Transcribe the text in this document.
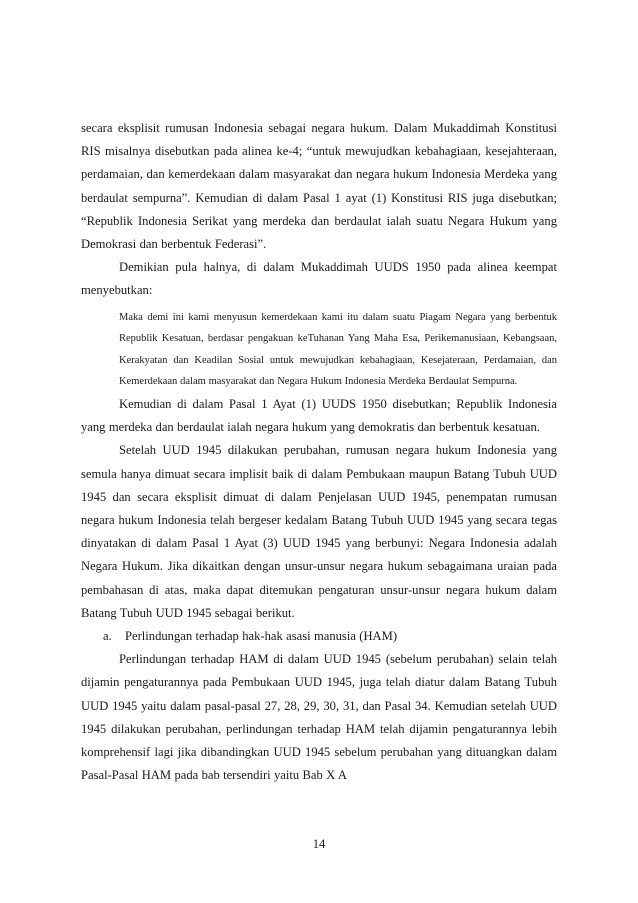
secara eksplisit rumusan Indonesia sebagai negara hukum. Dalam Mukaddimah Konstitusi RIS misalnya disebutkan pada alinea ke-4; “untuk mewujudkan kebahagiaan, kesejahteraan, perdamaian, dan kemerdekaan dalam masyarakat dan negara hukum Indonesia Merdeka yang berdaulat sempurna”. Kemudian di dalam Pasal 1 ayat (1) Konstitusi RIS juga disebutkan; “Republik Indonesia Serikat yang merdeka dan berdaulat ialah suatu Negara Hukum yang Demokrasi dan berbentuk Federasi”.

Demikian pula halnya, di dalam Mukaddimah UUDS 1950 pada alinea keempat menyebutkan:

Maka demi ini kami menyusun kemerdekaan kami itu dalam suatu Piagam Negara yang berbentuk Republik Kesatuan, berdasar pengakuan keTuhanan Yang Maha Esa, Perikemanusiaan, Kebangsaan, Kerakyatan dan Keadilan Sosial untuk mewujudkan kebahagiaan, Kesejateraan, Perdamaian, dan Kemerdekaan dalam masyarakat dan Negara Hukum Indonesia Merdeka Berdaulat Sempurna.

Kemudian di dalam Pasal 1 Ayat (1) UUDS 1950 disebutkan; Republik Indonesia yang merdeka dan berdaulat ialah negara hukum yang demokratis dan berbentuk kesatuan.

Setelah UUD 1945 dilakukan perubahan, rumusan negara hukum Indonesia yang semula hanya dimuat secara implisit baik di dalam Pembukaan maupun Batang Tubuh UUD 1945 dan secara eksplisit dimuat di dalam Penjelasan UUD 1945, penempatan rumusan negara hukum Indonesia telah bergeser kedalam Batang Tubuh UUD 1945 yang secara tegas dinyatakan di dalam Pasal 1 Ayat (3) UUD 1945 yang berbunyi: Negara Indonesia adalah Negara Hukum. Jika dikaitkan dengan unsur-unsur negara hukum sebagaimana uraian pada pembahasan di atas, maka dapat ditemukan pengaturan unsur-unsur negara hukum dalam Batang Tubuh UUD 1945 sebagai berikut.

a. Perlindungan terhadap hak-hak asasi manusia (HAM)

Perlindungan terhadap HAM di dalam UUD 1945 (sebelum perubahan) selain telah dijamin pengaturannya pada Pembukaan UUD 1945, juga telah diatur dalam Batang Tubuh UUD 1945 yaitu dalam pasal-pasal 27, 28, 29, 30, 31, dan Pasal 34. Kemudian setelah UUD 1945 dilakukan perubahan, perlindungan terhadap HAM telah dijamin pengaturannya lebih komprehensif lagi jika dibandingkan UUD 1945 sebelum perubahan yang dituangkan dalam Pasal-Pasal HAM pada bab tersendiri yaitu Bab X A

14
